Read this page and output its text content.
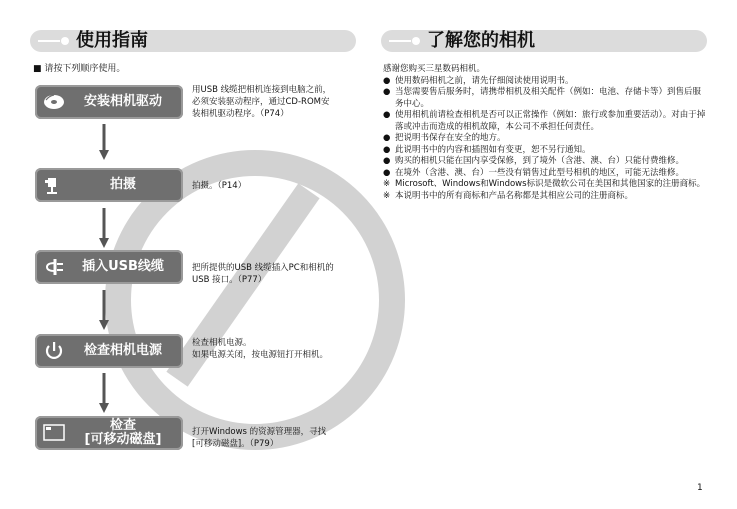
使用指南
■ 请按下列顺序使用。
安装相机驱动
用USB 线缆把相机连接到电脑之前，
必须安装驱动程序，通过CD-ROM安
装相机驱动程序。（P74）
拍摄	拍摄。（P14）
插入USB线缆	把所提供的USB 线缆插入PC和相机的
USB 接口。（P77）
检查相机电源	检查相机电源。
如果电源关闭，按电源钮打开相机。
检查
[可移动磁盘]	打开Windows 的资源管理器，寻找
[可移动磁盘]。（P79）
了解您的相机
感谢您购买三星数码相机。
● 使用数码相机之前，请先仔细阅读使用说明书。
● 当您需要售后服务时，请携带相机及相关配件（例如：电池、存储卡等）到售后服务中心。
● 使用相机前请检查相机是否可以正常操作（例如：旅行或参加重要活动）。对由于掉落或冲击而造成的相机故障，本公司不承担任何责任。
● 把说明书保存在安全的地方。
● 此说明书中的内容和插图如有变更，恕不另行通知。
● 购买的相机只能在国内享受保修，到了境外（含港、澳、台）只能付费维修。
● 在境外（含港、澳、台）一些没有销售过此型号相机的地区，可能无法维修。
※ Microsoft、Windows和Windows标识是微软公司在美国和其他国家的注册商标。
※ 本说明书中的所有商标和产品名称都是其相应公司的注册商标。
1
